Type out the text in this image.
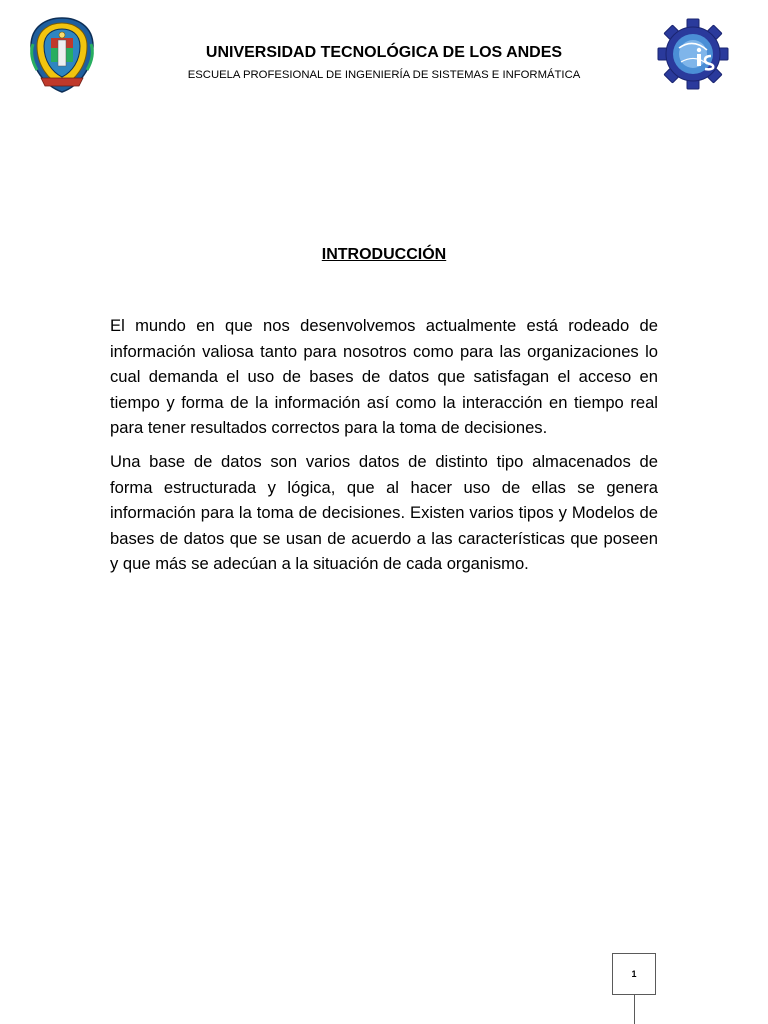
UNIVERSIDAD TECNOLÓGICA DE LOS ANDES
ESCUELA PROFESIONAL DE INGENIERÍA DE SISTEMAS E INFORMÁTICA
INTRODUCCIÓN

El mundo en que nos desenvolvemos actualmente está rodeado de información valiosa tanto para nosotros como para las organizaciones lo cual demanda el uso de bases de datos que satisfagan el acceso en tiempo y forma de la información así como la interacción en tiempo real para tener resultados correctos para la toma de decisiones.

Una base de datos son varios datos de distinto tipo almacenados de forma estructurada y lógica, que al hacer uso de ellas se genera información para la toma de decisiones. Existen varios tipos y Modelos de bases de datos que se usan de acuerdo a las características que poseen y que más se adecúan a la situación de cada organismo.

1
